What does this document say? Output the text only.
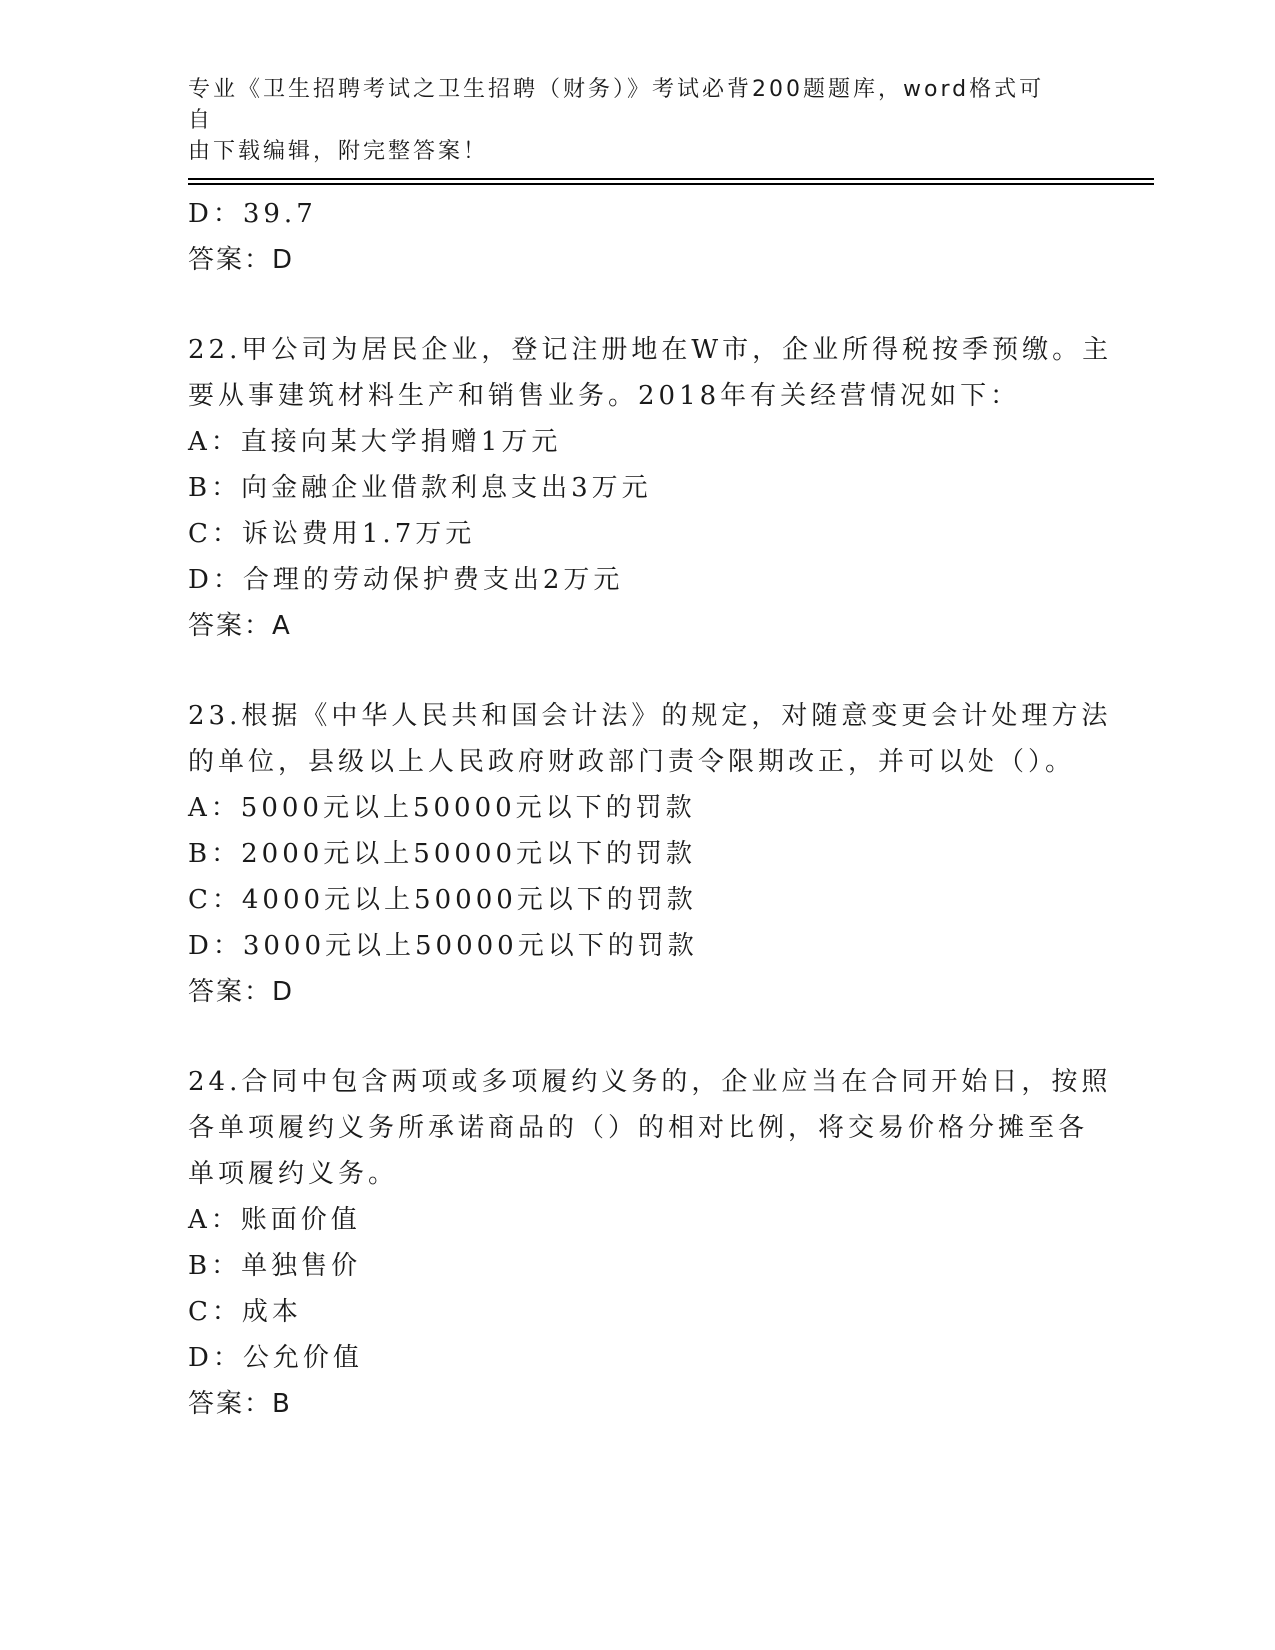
专业《卫生招聘考试之卫生招聘（财务）》考试必背200题题库，word格式可自
由下载编辑，附完整答案！
D：39.7
答案：D
22.甲公司为居民企业，登记注册地在W市，企业所得税按季预缴。主
要从事建筑材料生产和销售业务。2018年有关经营情况如下：
A：直接向某大学捐赠1万元
B：向金融企业借款利息支出3万元
C：诉讼费用1.7万元
D：合理的劳动保护费支出2万元
答案：A
23.根据《中华人民共和国会计法》的规定，对随意变更会计处理方法
的单位，县级以上人民政府财政部门责令限期改正，并可以处（）。
A：5000元以上50000元以下的罚款
B：2000元以上50000元以下的罚款
C：4000元以上50000元以下的罚款
D：3000元以上50000元以下的罚款
答案：D
24.合同中包含两项或多项履约义务的，企业应当在合同开始日，按照
各单项履约义务所承诺商品的（）的相对比例，将交易价格分摊至各
单项履约义务。
A：账面价值
B：单独售价
C：成本
D：公允价值
答案：B
